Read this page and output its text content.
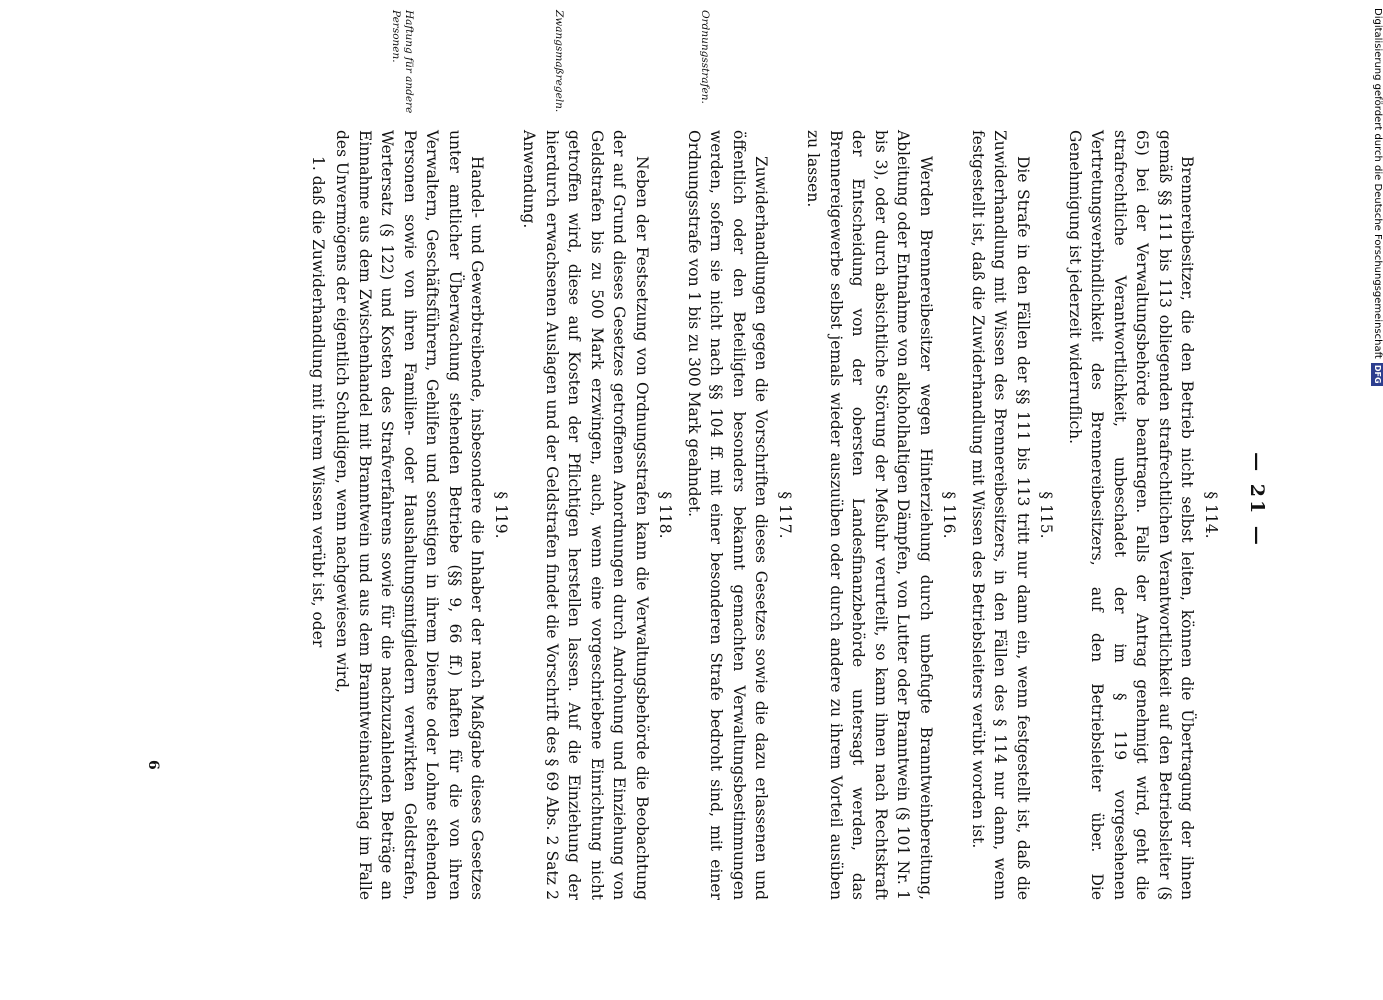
— 21 —
§ 114.

Brennereibesitzer, die den Betrieb nicht selbst leiten, können die Übertragung der ihnen gemäß §§ 111 bis 113 obliegenden strafrechtlichen Verantwortlichkeit auf den Betriebsleiter (§ 65) bei der Verwaltungsbehörde beantragen. Falls der Antrag genehmigt wird, geht die strafrechtliche Verantwortlichkeit, unbeschadet der im § 119 vorgesehenen Vertretungsverbindlichkeit des Brennereibesitzers, auf den Betriebsleiter über. Die Genehmigung ist jederzeit widerruflich.

§ 115.

Die Strafe in den Fällen der §§ 111 bis 113 tritt nur dann ein, wenn festgestellt ist, daß die Zuwiderhandlung mit Wissen des Brennereibesitzers, in den Fällen des § 114 nur dann, wenn festgestellt ist, daß die Zuwiderhandlung mit Wissen des Betriebsleiters verübt worden ist.

§ 116.

Werden Brennereibesitzer wegen Hinterziehung durch unbefugte Branntweinbereitung, Ableitung oder Entnahme von alkoholhaltigen Dämpfen, von Lutter oder Branntwein (§ 101 Nr. 1 bis 3), oder durch absichtliche Störung der Meßuhr verurteilt, so kann ihnen nach Rechtskraft der Entscheidung von der obersten Landesfinanzbehörde untersagt werden, das Brennereigewerbe selbst jemals wieder auszuüben oder durch andere zu ihrem Vorteil ausüben zu lassen.

§ 117.

Zuwiderhandlungen gegen die Vorschriften dieses Gesetzes sowie die dazu erlassenen und öffentlich oder den Beteiligten besonders bekannt gemachten Verwaltungsbestimmungen werden, sofern sie nicht nach §§ 104 ff. mit einer besonderen Strafe bedroht sind, mit einer Ordnungsstrafe von 1 bis zu 300 Mark geahndet.

§ 118.

Neben der Festsetzung von Ordnungsstrafen kann die Verwaltungsbehörde die Beobachtung der auf Grund dieses Gesetzes getroffenen Anordnungen durch Androhung und Einziehung von Geldstrafen bis zu 500 Mark erzwingen, auch, wenn eine vorgeschriebene Einrichtung nicht getroffen wird, diese auf Kosten der Pflichtigen herstellen lassen. Auf die Einziehung der hierdurch erwachsenen Auslagen und der Geldstrafen findet die Vorschrift des § 69 Abs. 2 Satz 2 Anwendung.

§ 119.

Handel- und Gewerbtreibende, insbesondere die Inhaber der nach Maßgabe dieses Gesetzes unter amtlicher Überwachung stehenden Betriebe (§§ 9, 66 ff.) haften für die von ihren Verwaltern, Geschäftsführern, Gehilfen und sonstigen in ihrem Dienste oder Lohne stehenden Personen sowie von ihren Familien- oder Haushaltungsmitgliedern verwirkten Geldstrafen, Wertersatz (§ 122) und Kosten des Strafverfahrens sowie für die nachzuzahlenden Beträge an Einnahme aus dem Zwischenhandel mit Branntwein und aus dem Branntweinaufschlag im Falle des Unvermögens der eigentlich Schuldigen, wenn nachgewiesen wird,

1. daß die Zuwiderhandlung mit ihrem Wissen verübt ist, oder
Ordnungsstrafen.
Zwangsmaßregeln.
Haftung für andere Personen.
6
Digitalisierung gefördert durch die Deutsche ForschungsgemeinschaftDFG
